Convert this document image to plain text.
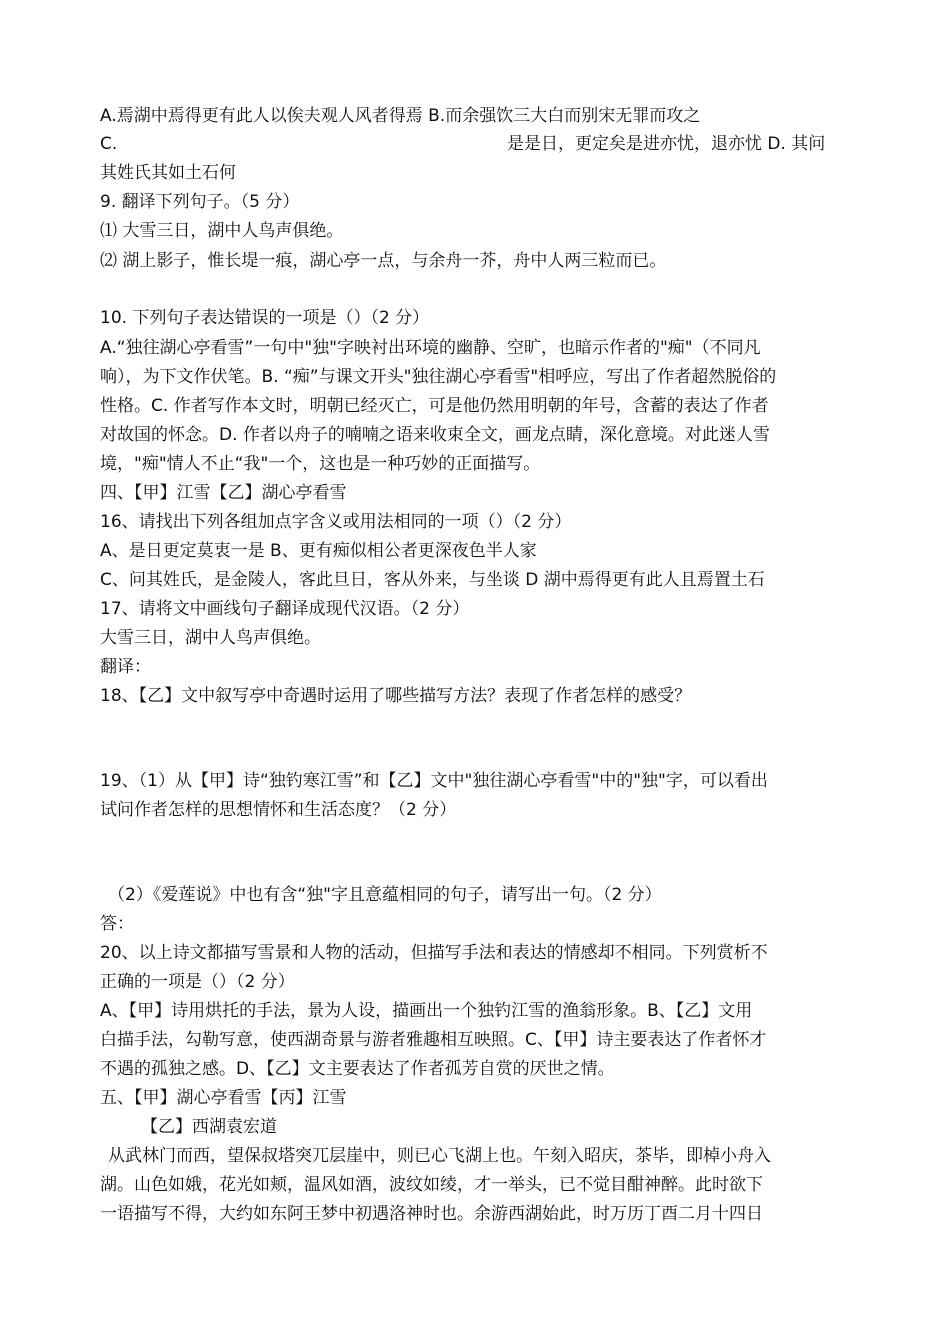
A.焉湖中焉得更有此人以俟夫观人风者得焉 B.而余强饮三大白而别宋无罪而攻之
C.	是是日，更定矣是进亦忧，退亦忧 D. 其问
其姓氏其如土石何
9. 翻译下列句子。（5 分）
⑴ 大雪三日，湖中人鸟声俱绝。
⑵ 湖上影子，惟长堤一痕，湖心亭一点，与余舟一芥，舟中人两三粒而已。
10. 下列句子表达错误的一项是（）（2 分）
A.“独往湖心亭看雪”一句中"独"字映衬出环境的幽静、空旷，也暗示作者的"痴"（不同凡
响），为下文作伏笔。B. “痴”与课文开头"独往湖心亭看雪"相呼应，写出了作者超然脱俗的
性格。C. 作者写作本文时，明朝已经灭亡，可是他仍然用明朝的年号，含蓄的表达了作者
对故国的怀念。D. 作者以舟子的喃喃之语来收束全文，画龙点睛，深化意境。对此迷人雪
境，"痴"情人不止“我"一个，这也是一种巧妙的正面描写。
四、【甲】江雪【乙】湖心亭看雪
16、请找出下列各组加点字含义或用法相同的一项（）（2 分）
A、是日更定莫衷一是 B、更有痴似相公者更深夜色半人家
C、问其姓氏，是金陵人，客此旦日，客从外来，与坐谈 D 湖中焉得更有此人且焉置土石
17、请将文中画线句子翻译成现代汉语。（2 分）
大雪三日，湖中人鸟声俱绝。
翻译：
18、【乙】文中叙写亭中奇遇时运用了哪些描写方法？表现了作者怎样的感受？
19、（1）从【甲】诗“独钓寒江雪”和【乙】文中"独往湖心亭看雪"中的"独"字，可以看出
试问作者怎样的思想情怀和生活态度？（2 分）
（2）《爱莲说》中也有含“独"字且意蕴相同的句子，请写出一句。（2 分）
答：
20、以上诗文都描写雪景和人物的活动，但描写手法和表达的情感却不相同。下列赏析不
正确的一项是（）（2 分）
A、【甲】诗用烘托的手法，景为人设，描画出一个独钓江雪的渔翁形象。B、【乙】文用
白描手法，勾勒写意，使西湖奇景与游者雅趣相互映照。C、【甲】诗主要表达了作者怀才
不遇的孤独之感。D、【乙】文主要表达了作者孤芳自赏的厌世之情。
五、【甲】湖心亭看雪【丙】江雪
【乙】西湖袁宏道
从武林门而西，望保叔塔突兀层崖中，则已心飞湖上也。午刻入昭庆，茶毕，即棹小舟入
湖。山色如娥，花光如颊，温风如酒，波纹如绫，才一举头，已不觉目酣神醉。此时欲下
一语描写不得，大约如东阿王梦中初遇洛神时也。余游西湖始此，时万历丁酉二月十四日
